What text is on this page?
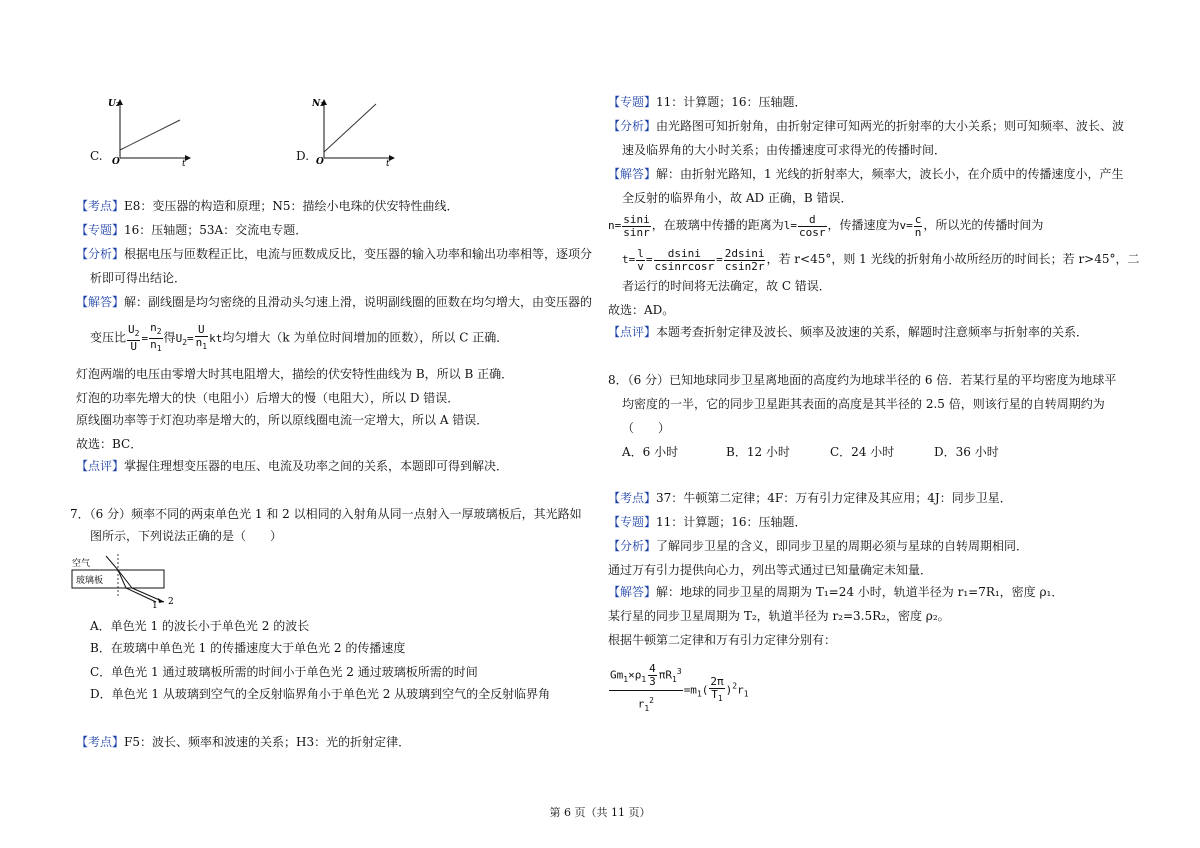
U₂
O	t
C.
N₂
O	t
D.
【考点】E8：变压器的构造和原理；N5：描绘小电珠的伏安特性曲线．
【专题】16：压轴题；53A：交流电专题．
【分析】根据电压与匝数程正比，电流与匝数成反比，变压器的输入功率和输出功率相等，逐项分
析即可得出结论．
【解答】解：副线圈是均匀密绕的且滑动头匀速上滑，说明副线圈的匝数在均匀增大，由变压器的
变压比 $\frac{U_2}{U} = \frac{n_2}{n_1}$ 得$U_2= \frac{U}{n_1}$ kt均匀增大（k 为单位时间增加的匝数），所以 C 正确．
灯泡两端的电压由零增大时其电阻增大，描绘的伏安特性曲线为 B，所以 B 正确．
灯泡的功率先增大的快（电阻小）后增大的慢（电阻大），所以 D 错误．
原线圈功率等于灯泡功率是增大的，所以原线圈电流一定增大，所以 A 错误．
故选：BC．
【点评】掌握住理想变压器的电压、电流及功率之间的关系，本题即可得到解决．
7．（6 分）频率不同的两束单色光 1 和 2 以相同的入射角从同一点射入一厚玻璃板后，其光路如
图所示，下列说法正确的是（　　）
空气
玻璃板
1 2
A．单色光 1 的波长小于单色光 2 的波长
B．在玻璃中单色光 1 的传播速度大于单色光 2 的传播速度
C．单色光 1 通过玻璃板所需的时间小于单色光 2 通过玻璃板所需的时间
D．单色光 1 从玻璃到空气的全反射临界角小于单色光 2 从玻璃到空气的全反射临界角
【考点】F5：波长、频率和波速的关系；H3：光的折射定律．
【专题】11：计算题；16：压轴题．
【分析】由光路图可知折射角，由折射定律可知两光的折射率的大小关系；则可知频率、波长、波
速及临界角的大小时关系；由传播速度可求得光的传播时间．
【解答】解：由折射光路知，1 光线的折射率大，频率大，波长小，在介质中的传播速度小，产生
全反射的临界角小，故 AD 正确，B 错误．
$n= \frac{\sin i}{\sin r}$ ，在玻璃中传播的距离为$l= \frac{d}{\cos r}$ ，传播速度为$v= \frac{c}{n}$ ，所以光的传播时间为
$t= \frac{l}{v} = \frac{dsini}{\text{csinrcosr}} = \frac{2dsini}{csin2r}$ ，若 r<45°，则 1 光线的折射角小故所经历的时间长；若 r>45°，二
者运行的时间将无法确定，故 C 错误．
故选：AD。
【点评】本题考查折射定律及波长、频率及波速的关系，解题时注意频率与折射率的关系．
8．（6 分）已知地球同步卫星离地面的高度约为地球半径的 6 倍．若某行星的平均密度为地球平
均密度的一半，它的同步卫星距其表面的高度是其半径的 2.5 倍，则该行星的自转周期约为
（　　）
A．6 小时	B．12 小时	C．24 小时	D．36 小时
【考点】37：牛顿第二定律；4F：万有引力定律及其应用；4J：同步卫星．
【专题】11：计算题；16：压轴题．
【分析】了解同步卫星的含义，即同步卫星的周期必须与星球的自转周期相同．
通过万有引力提供向心力，列出等式通过已知量确定未知量．
【解答】解：地球的同步卫星的周期为 T₁=24 小时，轨道半径为 r₁=7R₁，密度 ρ₁．
某行星的同步卫星周期为 T₂，轨道半径为 r₂=3.5R₂，密度 ρ₂。
根据牛顿第二定律和万有引力定律分别有：
$\frac{Gm_1\times\rho_1 \frac{4}{3} \pi R_1^3}{r_1^2} =m_1( \frac{2\pi}{T_1} )^2r_1$
第 6 页（共 11 页）
